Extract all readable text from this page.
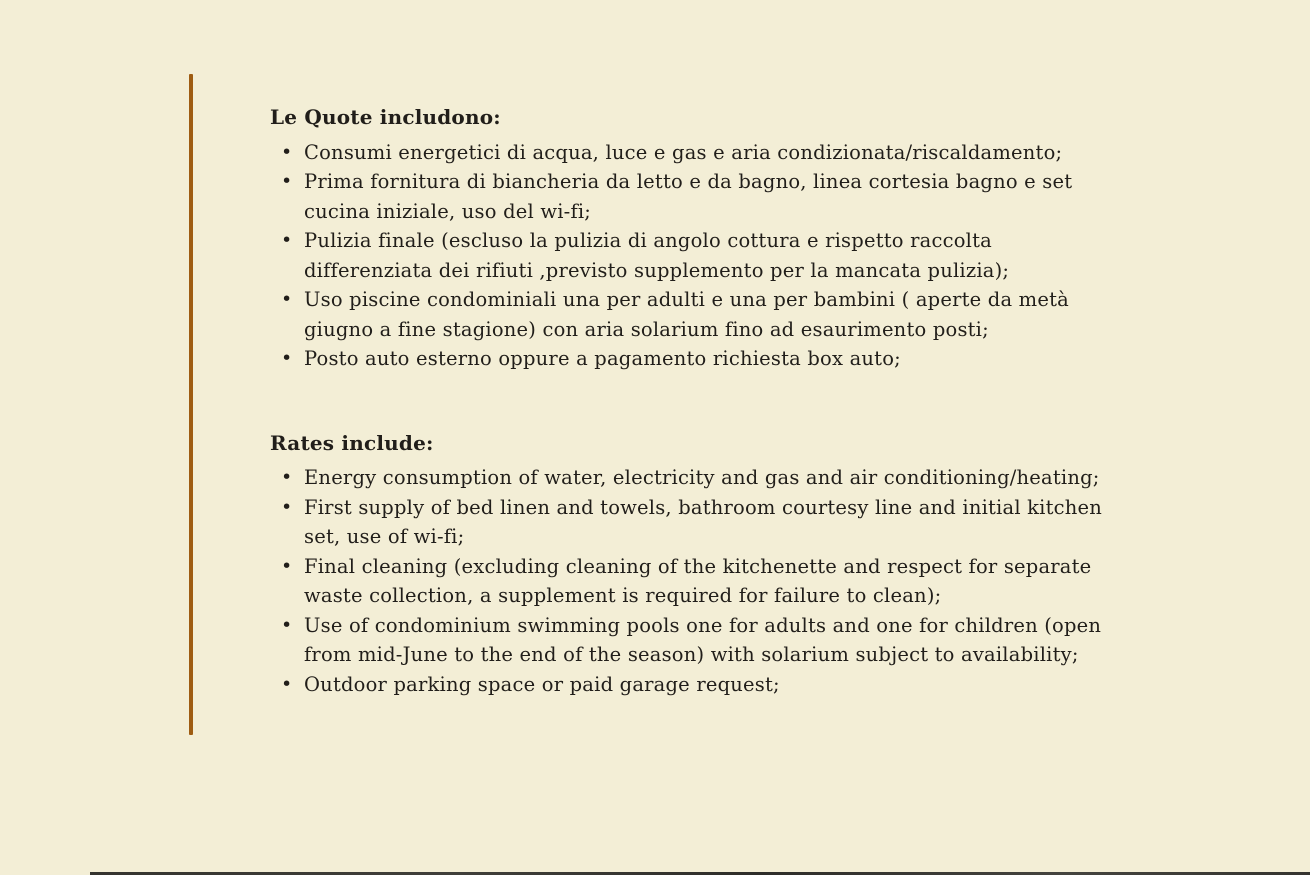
Le Quote includono:
• Consumi energetici di acqua, luce e gas e aria condizionata/riscaldamento;
• Prima fornitura di biancheria da letto e da bagno, linea cortesia bagno e set cucina iniziale, uso del wi-fi;
• Pulizia finale (escluso la pulizia di angolo cottura e rispetto raccolta differenziata dei rifiuti ,previsto supplemento per la mancata pulizia);
• Uso piscine condominiali una per adulti e una per bambini ( aperte da metà giugno a fine stagione) con aria solarium fino ad esaurimento posti;
• Posto auto esterno oppure a pagamento richiesta box auto;
Rates include:
• Energy consumption of water, electricity and gas and air conditioning/heating;
• First supply of bed linen and towels, bathroom courtesy line and initial kitchen set, use of wi-fi;
• Final cleaning (excluding cleaning of the kitchenette and respect for separate waste collection, a supplement is required for failure to clean);
• Use of condominium swimming pools one for adults and one for children (open from mid-June to the end of the season) with solarium subject to availability;
• Outdoor parking space or paid garage request;
